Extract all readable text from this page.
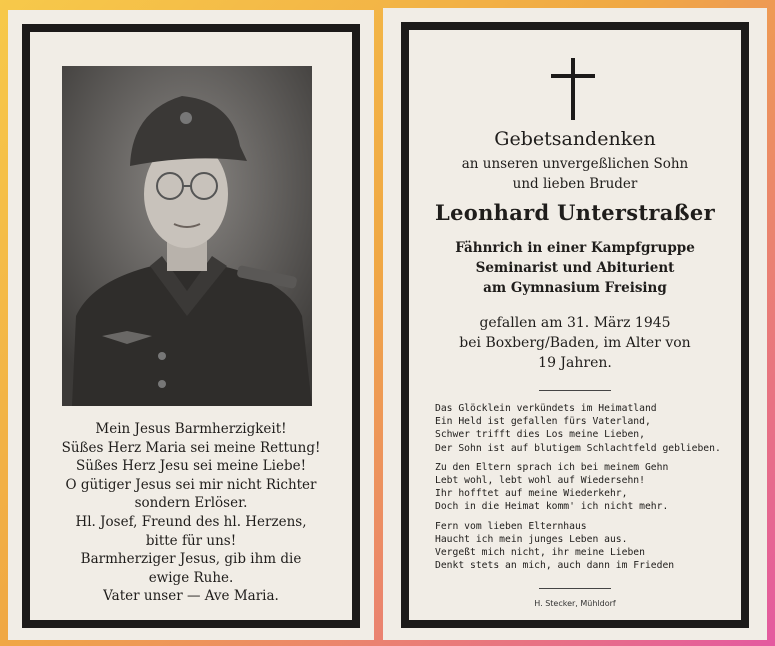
Mein Jesus Barmherzigkeit!
Süßes Herz Maria sei meine Rettung!
Süßes Herz Jesu sei meine Liebe!
O gütiger Jesus sei mir nicht Richter
sondern Erlöser.
Hl. Josef, Freund des hl. Herzens,
bitte für uns!
Barmherziger Jesus, gib ihm die
ewige Ruhe.
Vater unser — Ave Maria.
Gebetsandenken
an unseren unvergeßlichen Sohn
und lieben Bruder
Leonhard Unterstraßer
Fähnrich in einer Kampfgruppe
Seminarist und Abiturient
am Gymnasium Freising
gefallen am 31. März 1945
bei Boxberg/Baden, im Alter von
19 Jahren.
Das Glöcklein verkündets im Heimatland
Ein Held ist gefallen fürs Vaterland,
Schwer trifft dies Los meine Lieben,
Der Sohn ist auf blutigem Schlachtfeld geblieben.
Zu den Eltern sprach ich bei meinem Gehn
Lebt wohl, lebt wohl auf Wiedersehn!
Ihr hofftet auf meine Wiederkehr,
Doch in die Heimat komm' ich nicht mehr.
Fern vom lieben Elternhaus
Haucht ich mein junges Leben aus.
Vergeßt mich nicht, ihr meine Lieben
Denkt stets an mich, auch dann im Frieden
H. Stecker, Mühldorf
